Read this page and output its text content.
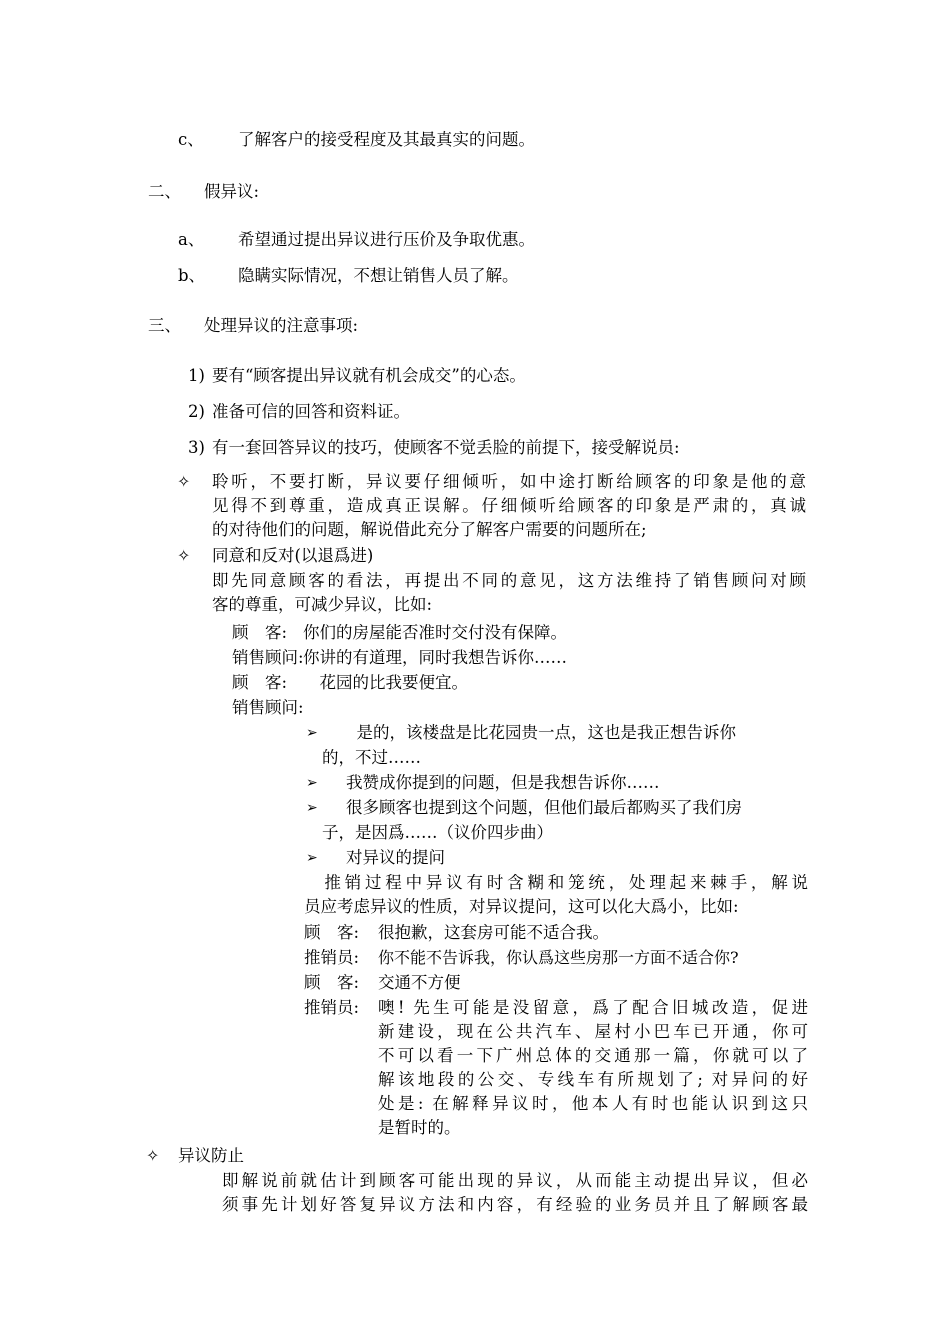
c、 了解客户的接受程度及其最真实的问题。
二、 假异议:
a、 希望通过提出异议进行压价及争取优惠。
b、 隐瞒实际情况，不想让销售人员了解。
三、 处理异议的注意事项:
1) 要有“顾客提出异议就有机会成交”的心态。
2) 准备可信的回答和资料证。
3) 有一套回答异议的技巧，使顾客不觉丢脸的前提下，接受解说员:
✧ 聆听，不要打断，异议要仔细倾听，如中途打断给顾客的印象是他的意
见得不到尊重，造成真正误解。仔细倾听给顾客的印象是严肃的，真诚
的对待他们的问题，解说借此充分了解客户需要的问题所在;
✧ 同意和反对(以退爲进)
即先同意顾客的看法，再提出不同的意见，这方法维持了销售顾问对顾
客的尊重，可减少异议，比如:
顾　客: 你们的房屋能否准时交付没有保障。
销售顾问: 你讲的有道理，同时我想告诉你……
顾　客: 　花园的比我要便宜。
销售顾问:
➢ 　是的，该楼盘是比花园贵一点，这也是我正想告诉你
的，不过……
➢ 我赞成你提到的问题，但是我想告诉你……
➢ 很多顾客也提到这个问题，但他们最后都购买了我们房
子，是因爲……（议价四步曲）
➢ 对异议的提问
　推销过程中异议有时含糊和笼统，处理起来棘手，解说
员应考虑异议的性质，对异议提问，这可以化大爲小，比如:
顾　客: 很抱歉，这套房可能不适合我。
推销员: 你不能不告诉我，你认爲这些房那一方面不适合你?
顾　客: 交通不方便
推销员: 噢! 先生可能是没留意，爲了配合旧城改造，促进
新建设，现在公共汽车、屋村小巴车已开通，你可
不可以看一下广州总体的交通那一篇，你就可以了
解该地段的公交、专线车有所规划了; 对异问的好
处是: 在解释异议时，他本人有时也能认识到这只
是暂时的。
✧ 异议防止
即解说前就估计到顾客可能出现的异议，从而能主动提出异议，但必
须事先计划好答复异议方法和内容，有经验的业务员并且了解顾客最
